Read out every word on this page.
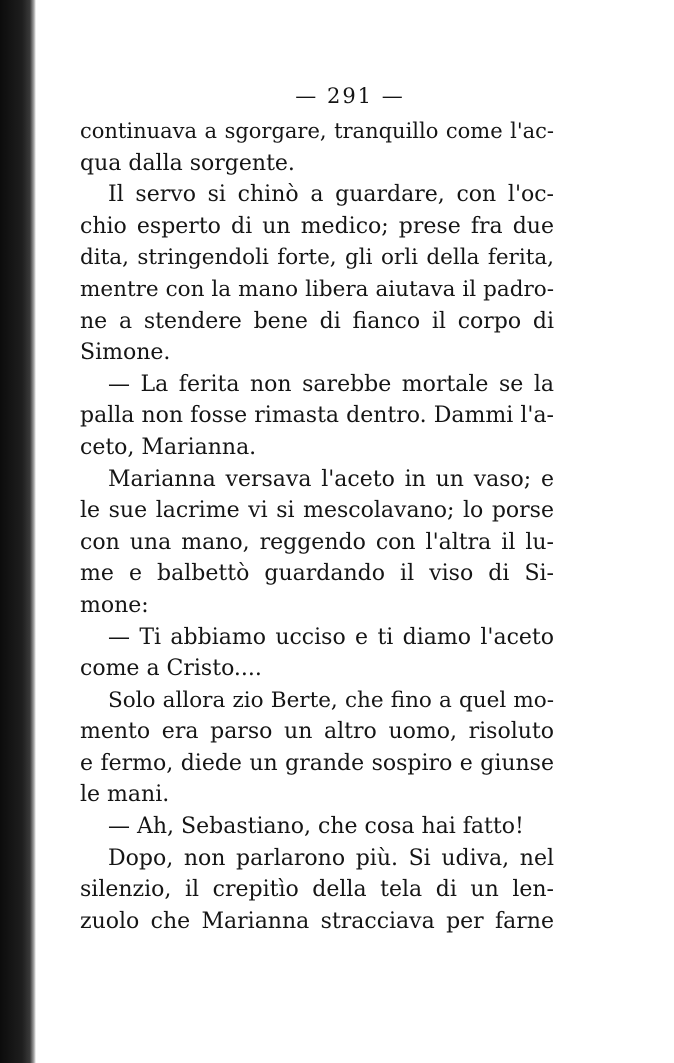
— 291 —
continuava a sgorgare, tranquillo come l'ac-
qua dalla sorgente.
Il servo si chinò a guardare, con l'oc-
chio esperto di un medico; prese fra due
dita, stringendoli forte, gli orli della ferita,
mentre con la mano libera aiutava il padro-
ne a stendere bene di fianco il corpo di
Simone.
— La ferita non sarebbe mortale se la
palla non fosse rimasta dentro. Dammi l'a-
ceto, Marianna.
Marianna versava l'aceto in un vaso; e
le sue lacrime vi si mescolavano; lo porse
con una mano, reggendo con l'altra il lu-
me e balbettò guardando il viso di Si-
mone:
— Ti abbiamo ucciso e ti diamo l'aceto
come a Cristo....
Solo allora zio Berte, che fino a quel mo-
mento era parso un altro uomo, risoluto
e fermo, diede un grande sospiro e giunse
le mani.
— Ah, Sebastiano, che cosa hai fatto!
Dopo, non parlarono più. Si udiva, nel
silenzio, il crepitìo della tela di un len-
zuolo che Marianna stracciava per farne
